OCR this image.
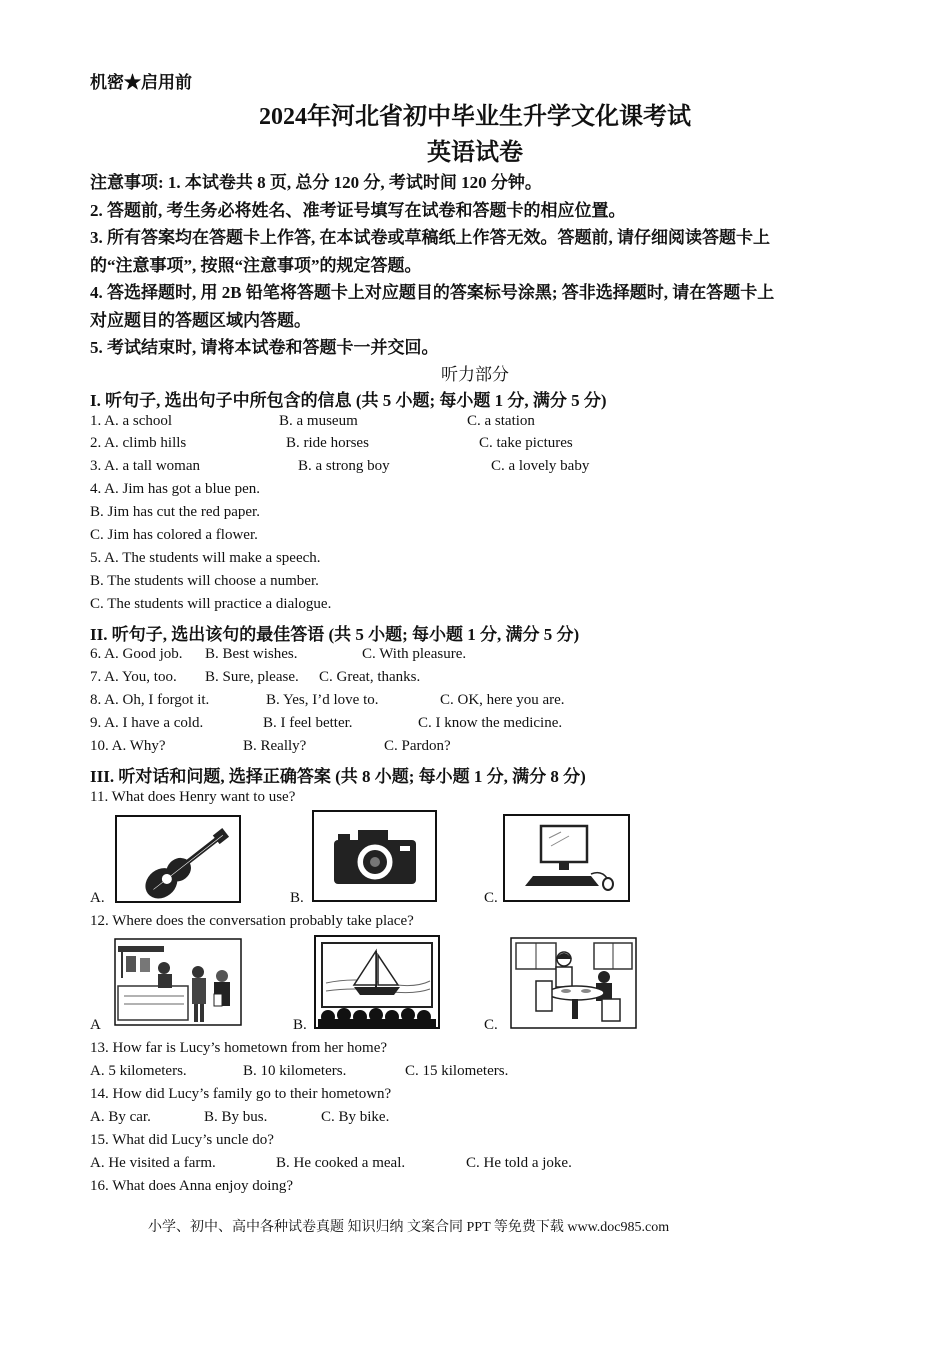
机密★启用前
2024年河北省初中毕业生升学文化课考试
英语试卷
注意事项: 1. 本试卷共 8 页, 总分 120 分, 考试时间 120 分钟。
2. 答题前, 考生务必将姓名、准考证号填写在试卷和答题卡的相应位置。
3. 所有答案均在答题卡上作答, 在本试卷或草稿纸上作答无效。答题前, 请仔细阅读答题卡上
的“注意事项”, 按照“注意事项”的规定答题。
4. 答选择题时, 用 2B 铅笔将答题卡上对应题目的答案标号涂黑; 答非选择题时, 请在答题卡上
对应题目的答题区域内答题。
5. 考试结束时, 请将本试卷和答题卡一并交回。
听力部分
I. 听句子, 选出句子中所包含的信息 (共 5 小题; 每小题 1 分, 满分 5 分)
1. A. a school	B. a museum	C. a station
2. A. climb hills	B. ride horses	C. take pictures
3. A. a tall woman	B. a strong boy	C. a lovely baby
4. A. Jim has got a blue pen.
B. Jim has cut the red paper.
C. Jim has colored a flower.
5. A. The students will make a speech.
B. The students will choose a number.
C. The students will practice a dialogue.
II. 听句子, 选出该句的最佳答语 (共 5 小题; 每小题 1 分, 满分 5 分)
6. A. Good job. B. Best wishes.	C. With pleasure.
7. A. You, too. B. Sure, please. C. Great, thanks.
8. A. Oh, I forgot it.	B. Yes, I’d love to.	C. OK, here you are.
9. A. I have a cold.	B. I feel better.	C. I know the medicine.
10. A. Why?	B. Really?	C. Pardon?
III. 听对话和问题, 选择正确答案 (共 8 小题; 每小题 1 分, 满分 8 分)
11. What does Henry want to use?
A.	B.	C.
12. Where does the conversation probably take place?
A	B.	C.
13. How far is Lucy’s hometown from her home?
A. 5 kilometers.	B. 10 kilometers.	C. 15 kilometers.
14. How did Lucy’s family go to their hometown?
A. By car.	B. By bus.	C. By bike.
15. What did Lucy’s uncle do?
A. He visited a farm.	B. He cooked a meal.	C. He told a joke.
16. What does Anna enjoy doing?
小学、初中、高中各种试卷真题 知识归纳 文案合同 PPT 等免费下载 www.doc985.com
